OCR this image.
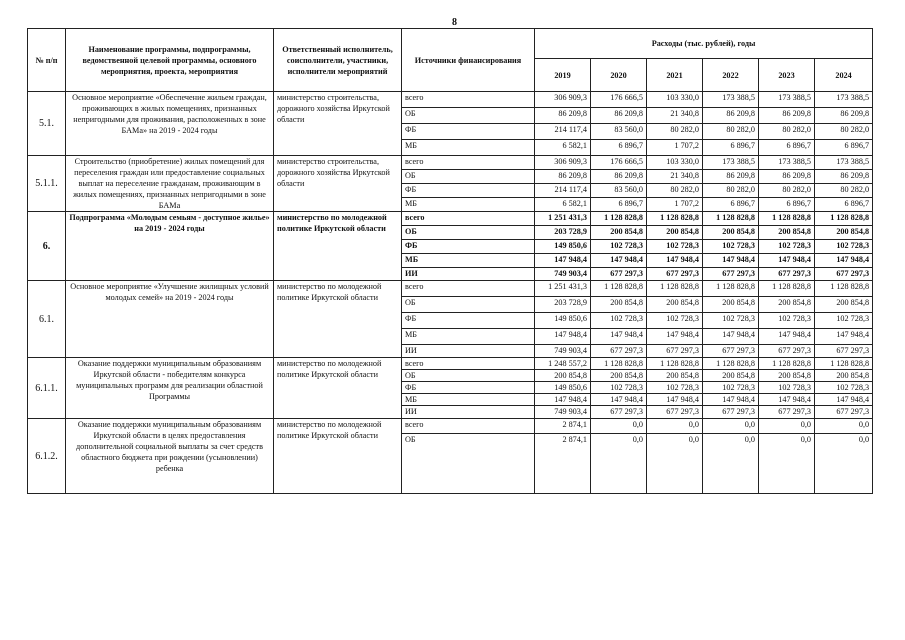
8
№ п/п	Наименование программы, подпрограммы, ведомственной целевой программы, основного мероприятия, проекта, мероприятия	Ответственный исполнитель, соисполнители, участники, исполнители мероприятий	Источники финансирования	Расходы (тыс. рублей), годы					
				2019	2020	2021	2022	2023	2024
5.1.	Основное мероприятие «Обеспечение жильем граждан, проживающих в жилых помещениях, признанных непригодными для проживания, расположенных в зоне БАМа» на 2019 - 2024 годы	министерство строительства, дорожного хозяйства Иркутской области	всего	306 909,3	176 666,5	103 330,0	173 388,5	173 388,5	173 388,5
			ОБ	86 209,8	86 209,8	21 340,8	86 209,8	86 209,8	86 209,8
			ФБ	214 117,4	83 560,0	80 282,0	80 282,0	80 282,0	80 282,0
			МБ	6 582,1	6 896,7	1 707,2	6 896,7	6 896,7	6 896,7
5.1.1.	Строительство (приобретение) жилых помещений для переселения граждан или предоставление социальных выплат на переселение гражданам, проживающим в жилых помещениях, признанных непригодными в зоне БАМа	министерство строительства, дорожного хозяйства Иркутской области	всего	306 909,3	176 666,5	103 330,0	173 388,5	173 388,5	173 388,5
			ОБ	86 209,8	86 209,8	21 340,8	86 209,8	86 209,8	86 209,8
			ФБ	214 117,4	83 560,0	80 282,0	80 282,0	80 282,0	80 282,0
			МБ	6 582,1	6 896,7	1 707,2	6 896,7	6 896,7	6 896,7
6.	Подпрограмма «Молодым семьям - доступное жилье» на 2019 - 2024 годы	министерство по молодежной политике Иркутской области	всего	1 251 431,3	1 128 828,8	1 128 828,8	1 128 828,8	1 128 828,8	1 128 828,8
			ОБ	203 728,9	200 854,8	200 854,8	200 854,8	200 854,8	200 854,8
			ФБ	149 850,6	102 728,3	102 728,3	102 728,3	102 728,3	102 728,3
			МБ	147 948,4	147 948,4	147 948,4	147 948,4	147 948,4	147 948,4
			ИИ	749 903,4	677 297,3	677 297,3	677 297,3	677 297,3	677 297,3
6.1.	Основное мероприятие «Улучшение жилищных условий молодых семей» на 2019 - 2024 годы	министерство по молодежной политике Иркутской области	всего	1 251 431,3	1 128 828,8	1 128 828,8	1 128 828,8	1 128 828,8	1 128 828,8
			ОБ	203 728,9	200 854,8	200 854,8	200 854,8	200 854,8	200 854,8
			ФБ	149 850,6	102 728,3	102 728,3	102 728,3	102 728,3	102 728,3
			МБ	147 948,4	147 948,4	147 948,4	147 948,4	147 948,4	147 948,4
			ИИ	749 903,4	677 297,3	677 297,3	677 297,3	677 297,3	677 297,3
6.1.1.	Оказание поддержки муниципальным образованиям Иркутской области - победителям конкурса муниципальных программ для реализации областной Программы	министерство по молодежной политике Иркутской области	всего	1 248 557,2	1 128 828,8	1 128 828,8	1 128 828,8	1 128 828,8	1 128 828,8
			ОБ	200 854,8	200 854,8	200 854,8	200 854,8	200 854,8	200 854,8
			ФБ	149 850,6	102 728,3	102 728,3	102 728,3	102 728,3	102 728,3
			МБ	147 948,4	147 948,4	147 948,4	147 948,4	147 948,4	147 948,4
			ИИ	749 903,4	677 297,3	677 297,3	677 297,3	677 297,3	677 297,3
6.1.2.	Оказание поддержки муниципальным образованиям Иркутской области в целях предоставления дополнительной социальной выплаты за счет средств областного бюджета при рождении (усыновлении) ребенка	министерство по молодежной политике Иркутской области	всего	2 874,1	0,0	0,0	0,0	0,0	0,0
			ОБ	2 874,1	0,0	0,0	0,0	0,0	0,0
